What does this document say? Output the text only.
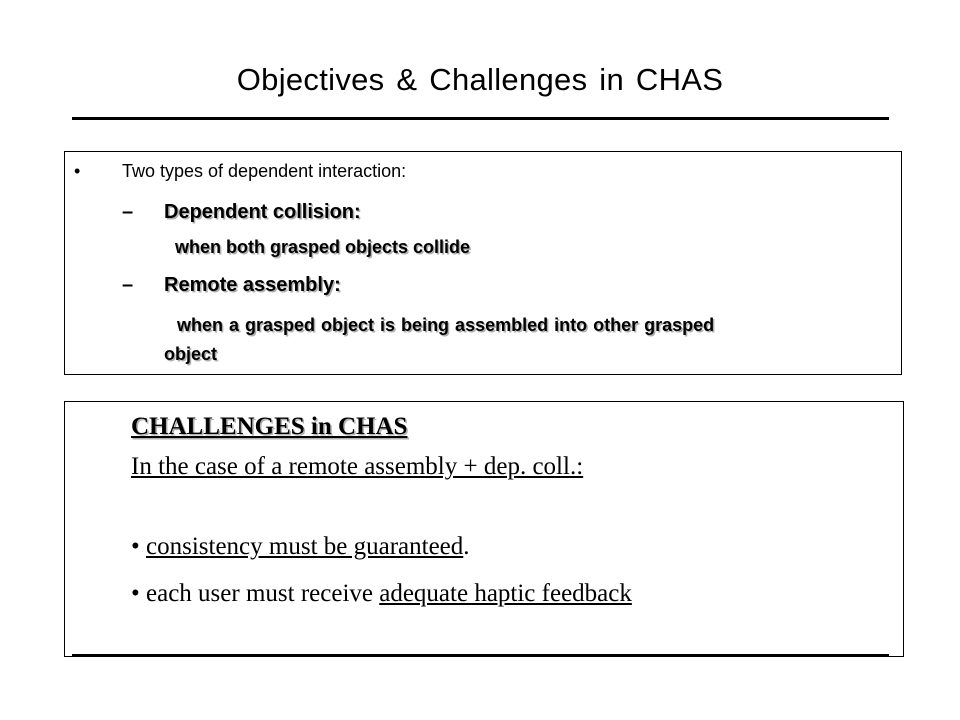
Objectives & Challenges in CHAS
• Two types of dependent interaction:
– Dependent collision:
when both grasped objects collide
– Remote assembly:
when a grasped object is being assembled into other grasped
object
CHALLENGES in CHAS
In the case of a remote assembly + dep. coll.:
• consistency must be guaranteed.
• each user must receive adequate haptic feedback
